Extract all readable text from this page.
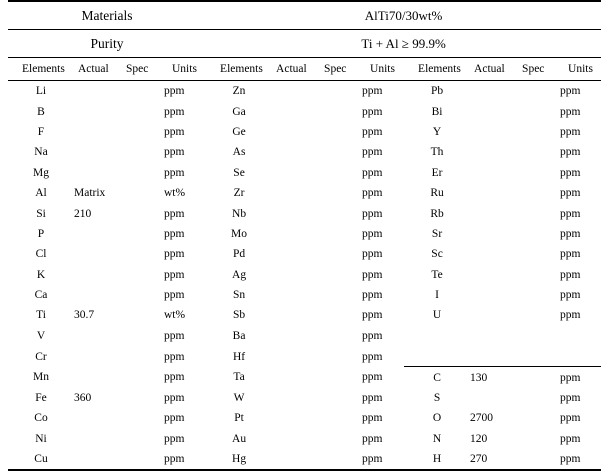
Materials				AlTi70/30wt%							
Purity				Ti + Al ≥ 99.9%							
Elements	Actual	Spec	Units	Elements	Actual	Spec	Units	Elements	Actual	Spec	Units
Li			ppm	Zn			ppm	Pb			ppm
B			ppm	Ga			ppm	Bi			ppm
F			ppm	Ge			ppm	Y			ppm
Na			ppm	As			ppm	Th			ppm
Mg			ppm	Se			ppm	Er			ppm
Al	Matrix		wt%	Zr			ppm	Ru			ppm
Si	210		ppm	Nb			ppm	Rb			ppm
P			ppm	Mo			ppm	Sr			ppm
Cl			ppm	Pd			ppm	Sc			ppm
K			ppm	Ag			ppm	Te			ppm
Ca			ppm	Sn			ppm	I			ppm
Ti	30.7		wt%	Sb			ppm	U			ppm
V			ppm	Ba			ppm				
Cr			ppm	Hf			ppm				
Mn			ppm	Ta			ppm	C	130		ppm
Fe	360		ppm	W			ppm	S			ppm
Co			ppm	Pt			ppm	O	2700		ppm
Ni			ppm	Au			ppm	N	120		ppm
Cu			ppm	Hg			ppm	H	270		ppm
